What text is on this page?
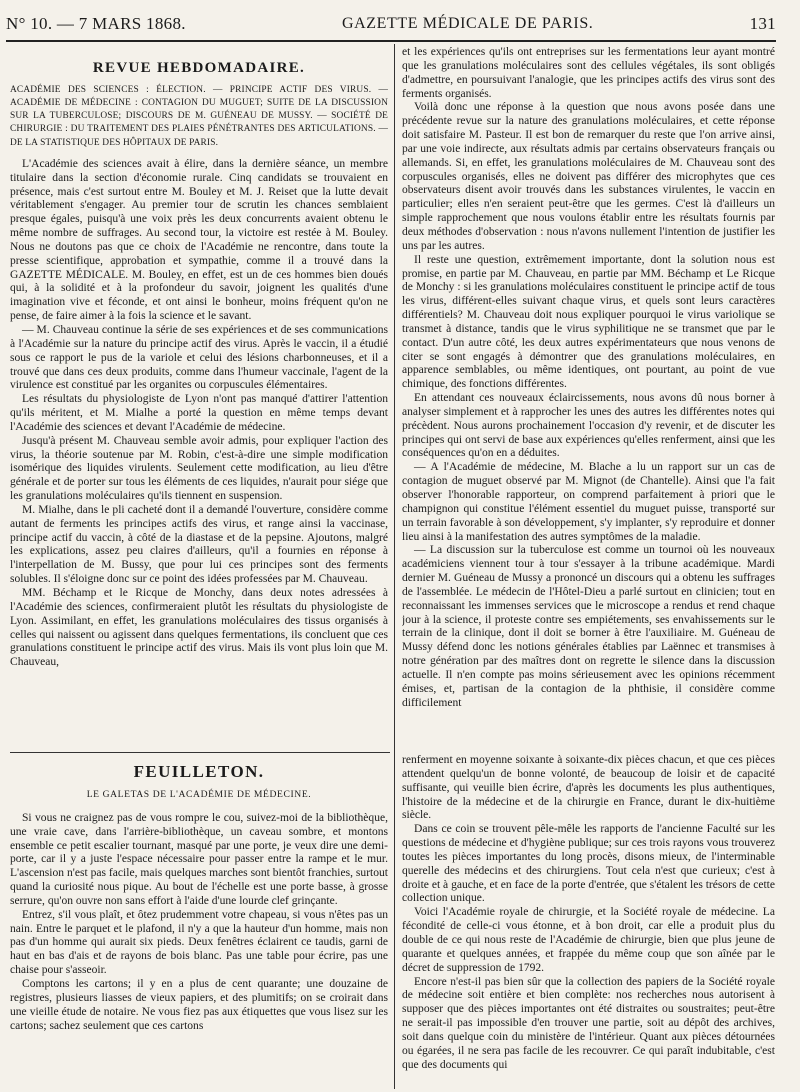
N° 10. — 7 MARS 1868.	GAZETTE MÉDICALE DE PARIS.	131
REVUE HEBDOMADAIRE.
ACADÉMIE DES SCIENCES : ÉLECTION. — PRINCIPE ACTIF DES VIRUS. — ACADÉMIE DE MÉDECINE : CONTAGION DU MUGUET; SUITE DE LA DISCUSSION SUR LA TUBERCULOSE; DISCOURS DE M. GUÉNEAU DE MUSSY. — SOCIÉTÉ DE CHIRURGIE : DU TRAITEMENT DES PLAIES PÉNÉTRANTES DES ARTICULATIONS. — DE LA STATISTIQUE DES HÔPITAUX DE PARIS.

L'Académie des sciences avait à élire, dans la dernière séance, un membre titulaire dans la section d'économie rurale. Cinq candidats se trouvaient en présence, mais c'est surtout entre M. Bouley et M. J. Reiset que la lutte devait véritablement s'engager. Au premier tour de scrutin les chances semblaient presque égales, puisqu'à une voix près les deux concurrents avaient obtenu le même nombre de suffrages. Au second tour, la victoire est restée à M. Bouley. Nous ne doutons pas que ce choix de l'Académie ne rencontre, dans toute la presse scientifique, approbation et sympathie, comme il a trouvé dans la GAZETTE MÉDICALE. M. Bouley, en effet, est un de ces hommes bien doués qui, à la solidité et à la profondeur du savoir, joignent les qualités d'une imagination vive et féconde, et ont ainsi le bonheur, moins fréquent qu'on ne pense, de faire aimer à la fois la science et le savant.

— M. Chauveau continue la série de ses expériences et de ses communications à l'Académie sur la nature du principe actif des virus. Après le vaccin, il a étudié sous ce rapport le pus de la variole et celui des lésions charbonneuses, et il a trouvé que dans ces deux produits, comme dans l'humeur vaccinale, l'agent de la virulence est constitué par les organites ou corpuscules élémentaires.

Les résultats du physiologiste de Lyon n'ont pas manqué d'attirer l'attention qu'ils méritent, et M. Mialhe a porté la question en même temps devant l'Académie des sciences et devant l'Académie de médecine.

Jusqu'à présent M. Chauveau semble avoir admis, pour expliquer l'action des virus, la théorie soutenue par M. Robin, c'est-à-dire une simple modification isomérique des liquides virulents. Seulement cette modification, au lieu d'être générale et de porter sur tous les éléments de ces liquides, n'aurait pour siége que les granulations moléculaires qu'ils tiennent en suspension.

M. Mialhe, dans le pli cacheté dont il a demandé l'ouverture, considère comme autant de ferments les principes actifs des virus, et range ainsi la vaccinase, principe actif du vaccin, à côté de la diastase et de la pepsine. Ajoutons, malgré les explications, assez peu claires d'ailleurs, qu'il a fournies en réponse à l'interpellation de M. Bussy, que pour lui ces principes sont des ferments solubles. Il s'éloigne donc sur ce point des idées professées par M. Chauveau.

MM. Béchamp et le Ricque de Monchy, dans deux notes adressées à l'Académie des sciences, confirmeraient plutôt les résultats du physiologiste de Lyon. Assimilant, en effet, les granulations moléculaires des tissus organisés à celles qui naissent ou agissent dans quelques fermentations, ils concluent que ces granulations constituent le principe actif des virus. Mais ils vont plus loin que M. Chauveau,

et les expériences qu'ils ont entreprises sur les fermentations leur ayant montré que les granulations moléculaires sont des cellules végétales, ils sont obligés d'admettre, en poursuivant l'analogie, que les principes actifs des virus sont des ferments organisés.

Voilà donc une réponse à la question que nous avons posée dans une précédente revue sur la nature des granulations moléculaires, et cette réponse doit satisfaire M. Pasteur. Il est bon de remarquer du reste que l'on arrive ainsi, par une voie indirecte, aux résultats admis par certains observateurs français ou allemands. Si, en effet, les granulations moléculaires de M. Chauveau sont des corpuscules organisés, elles ne doivent pas différer des microphytes que ces observateurs disent avoir trouvés dans les substances virulentes, le vaccin en particulier; elles n'en seraient peut-être que les germes. C'est là d'ailleurs un simple rapprochement que nous voulons établir entre les résultats fournis par deux méthodes d'observation : nous n'avons nullement l'intention de justifier les uns par les autres.

Il reste une question, extrêmement importante, dont la solution nous est promise, en partie par M. Chauveau, en partie par MM. Béchamp et Le Ricque de Monchy : si les granulations moléculaires constituent le principe actif de tous les virus, différent-elles suivant chaque virus, et quels sont leurs caractères différentiels? M. Chauveau doit nous expliquer pourquoi le virus variolique se transmet à distance, tandis que le virus syphilitique ne se transmet que par le contact. D'un autre côté, les deux autres expérimentateurs que nous venons de citer se sont engagés à démontrer que des granulations moléculaires, en apparence semblables, ou même identiques, ont pourtant, au point de vue chimique, des fonctions différentes.

En attendant ces nouveaux éclaircissements, nous avons dû nous borner à analyser simplement et à rapprocher les unes des autres les différentes notes qui précèdent. Nous aurons prochainement l'occasion d'y revenir, et de discuter les principes qui ont servi de base aux expériences qu'elles renferment, ainsi que les conséquences qu'on en a déduites.

— A l'Académie de médecine, M. Blache a lu un rapport sur un cas de contagion de muguet observé par M. Mignot (de Chantelle). Ainsi que l'a fait observer l'honorable rapporteur, on comprend parfaitement à priori que le champignon qui constitue l'élément essentiel du muguet puisse, transporté sur un terrain favorable à son développement, s'y implanter, s'y reproduire et donner lieu ainsi à la manifestation des autres symptômes de la maladie.

— La discussion sur la tuberculose est comme un tournoi où les nouveaux académiciens viennent tour à tour s'essayer à la tribune académique. Mardi dernier M. Guéneau de Mussy a prononcé un discours qui a obtenu les suffrages de l'assemblée. Le médecin de l'Hôtel-Dieu a parlé surtout en clinicien; tout en reconnaissant les immenses services que le microscope a rendus et rend chaque jour à la science, il proteste contre ses empiétements, ses envahissements sur le terrain de la clinique, dont il doit se borner à être l'auxiliaire. M. Guéneau de Mussy défend donc les notions générales établies par Laënnec et transmises à notre génération par des maîtres dont on regrette le silence dans la discussion actuelle. Il n'en compte pas moins sérieusement avec les opinions récemment émises, et, partisan de la contagion de la phthisie, il considère comme difficilement

FEUILLETON.
LE GALETAS DE L'ACADÉMIE DE MÉDECINE.

Si vous ne craignez pas de vous rompre le cou, suivez-moi de la bibliothèque, une vraie cave, dans l'arrière-bibliothèque, un caveau sombre, et montons ensemble ce petit escalier tournant, masqué par une porte, je veux dire une demi-porte, car il y a juste l'espace nécessaire pour passer entre la rampe et le mur. L'ascension n'est pas facile, mais quelques marches sont bientôt franchies, surtout quand la curiosité nous pique. Au bout de l'échelle est une porte basse, à grosse serrure, qu'on ouvre non sans effort à l'aide d'une lourde clef grinçante.

Entrez, s'il vous plaît, et ôtez prudemment votre chapeau, si vous n'êtes pas un nain. Entre le parquet et le plafond, il n'y a que la hauteur d'un homme, mais non pas d'un homme qui aurait six pieds. Deux fenêtres éclairent ce taudis, garni de haut en bas d'ais et de rayons de bois blanc. Pas une table pour écrire, pas une chaise pour s'asseoir.

Comptons les cartons; il y en a plus de cent quarante; une douzaine de registres, plusieurs liasses de vieux papiers, et des plumitifs; on se croirait dans une vieille étude de notaire. Ne vous fiez pas aux étiquettes que vous lisez sur les cartons; sachez seulement que ces cartons

renferment en moyenne soixante à soixante-dix pièces chacun, et que ces pièces attendent quelqu'un de bonne volonté, de beaucoup de loisir et de capacité suffisante, qui veuille bien écrire, d'après les documents les plus authentiques, l'histoire de la médecine et de la chirurgie en France, durant le dix-huitième siècle.

Dans ce coin se trouvent pêle-mêle les rapports de l'ancienne Faculté sur les questions de médecine et d'hygiène publique; sur ces trois rayons vous trouverez toutes les pièces importantes du long procès, disons mieux, de l'interminable querelle des médecins et des chirurgiens. Tout cela n'est que curieux; c'est à droite et à gauche, et en face de la porte d'entrée, que s'étalent les trésors de cette collection unique.

Voici l'Académie royale de chirurgie, et la Société royale de médecine. La fécondité de celle-ci vous étonne, et à bon droit, car elle a produit plus du double de ce qui nous reste de l'Académie de chirurgie, bien que plus jeune de quarante et quelques années, et frappée du même coup que son aînée par le décret de suppression de 1792.

Encore n'est-il pas bien sûr que la collection des papiers de la Société royale de médecine soit entière et bien complète: nos recherches nous autorisent à supposer que des pièces importantes ont été distraites ou soustraites; peut-être ne serait-il pas impossible d'en trouver une partie, soit au dépôt des archives, soit dans quelque coin du ministère de l'intérieur. Quant aux pièces détournées ou égarées, il ne sera pas facile de les recouvrer. Ce qui paraît indubitable, c'est que des documents qui
